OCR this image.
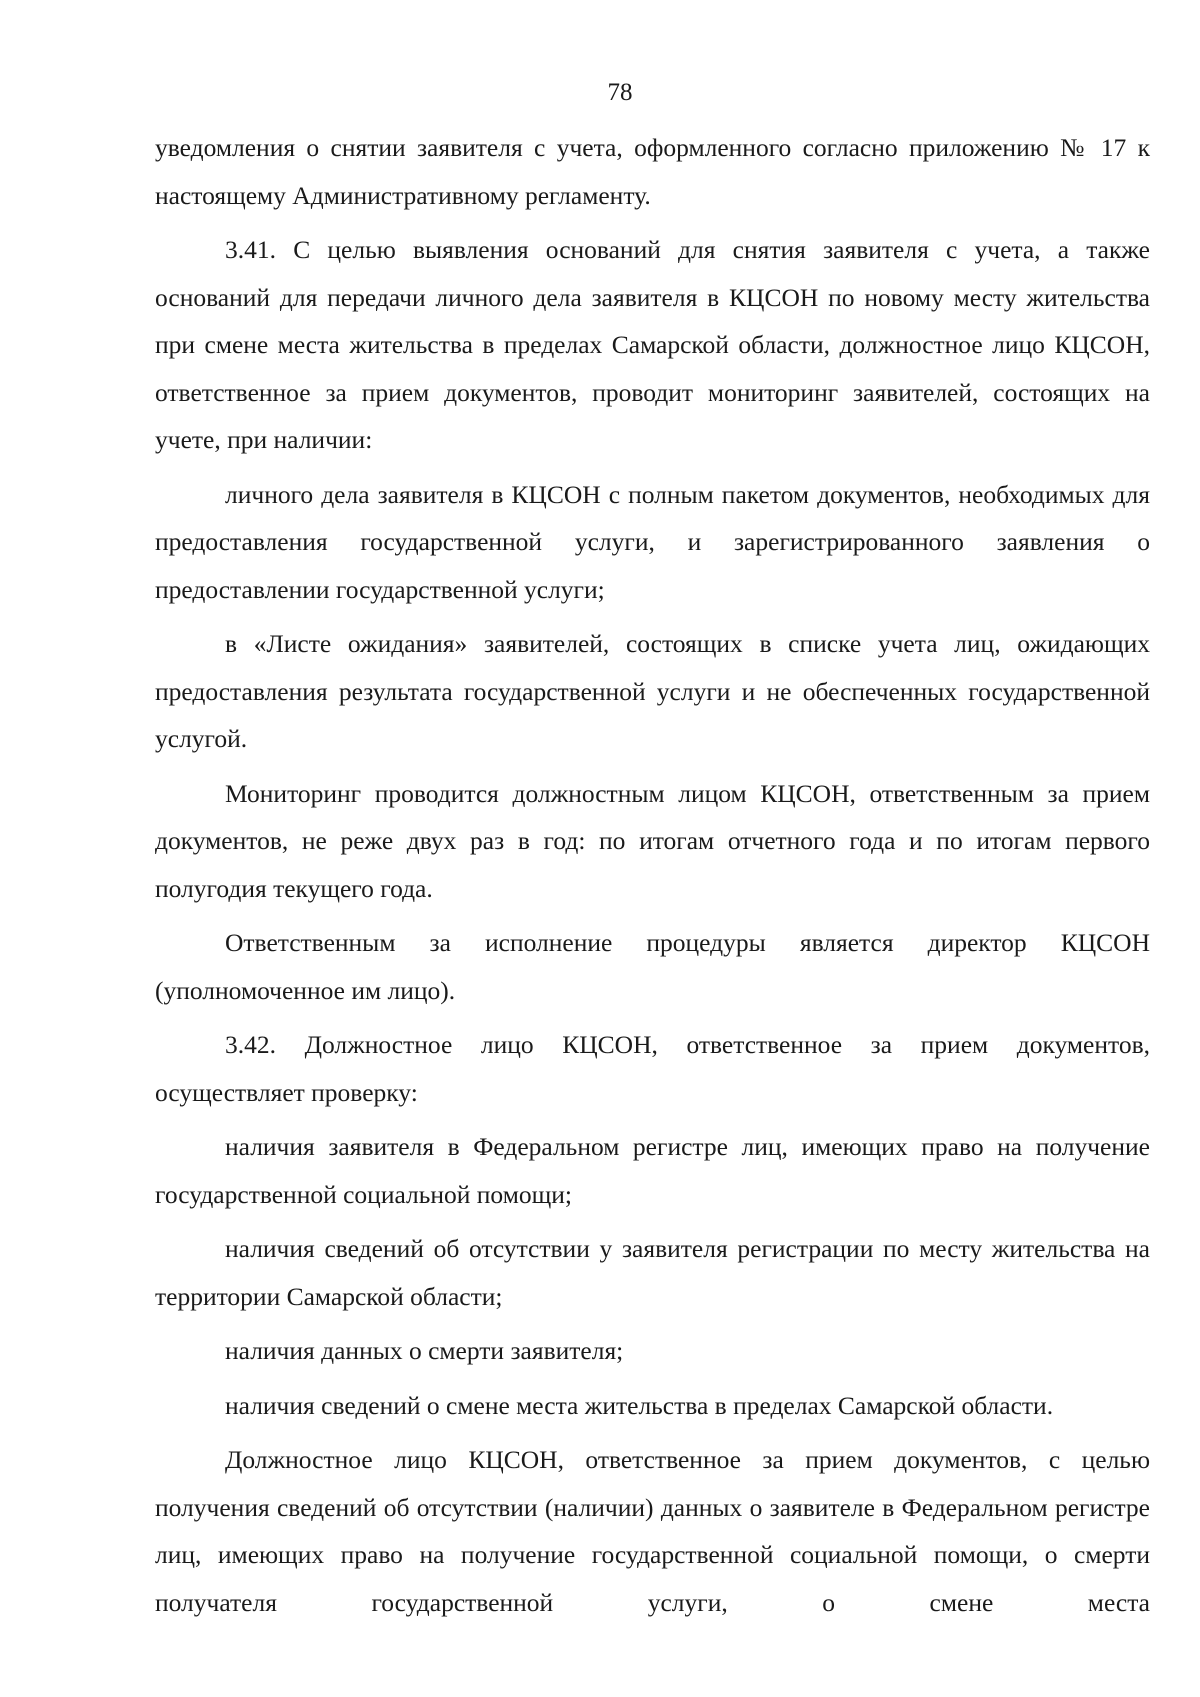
78

уведомления о снятии заявителя с учета, оформленного согласно приложению № 17 к настоящему Административному регламенту.

3.41. С целью выявления оснований для снятия заявителя с учета, а также оснований для передачи личного дела заявителя в КЦСОН по новому месту жительства при смене места жительства в пределах Самарской области, должностное лицо КЦСОН, ответственное за прием документов, проводит мониторинг заявителей, состоящих на учете, при наличии:

личного дела заявителя в КЦСОН с полным пакетом документов, необходимых для предоставления государственной услуги, и зарегистрированного заявления о предоставлении государственной услуги;

в «Листе ожидания» заявителей, состоящих в списке учета лиц, ожидающих предоставления результата государственной услуги и не обеспеченных государственной услугой.

Мониторинг проводится должностным лицом КЦСОН, ответственным за прием документов, не реже двух раз в год: по итогам отчетного года и по итогам первого полугодия текущего года.

Ответственным за исполнение процедуры является директор КЦСОН (уполномоченное им лицо).

3.42. Должностное лицо КЦСОН, ответственное за прием документов, осуществляет проверку:

наличия заявителя в Федеральном регистре лиц, имеющих право на получение государственной социальной помощи;

наличия сведений об отсутствии у заявителя регистрации по месту жительства на территории Самарской области;

наличия данных о смерти заявителя;

наличия сведений о смене места жительства в пределах Самарской области.

Должностное лицо КЦСОН, ответственное за прием документов, с целью получения сведений об отсутствии (наличии) данных о заявителе в Федеральном регистре лиц, имеющих право на получение государственной социальной помощи, о смерти получателя государственной услуги, о смене места
